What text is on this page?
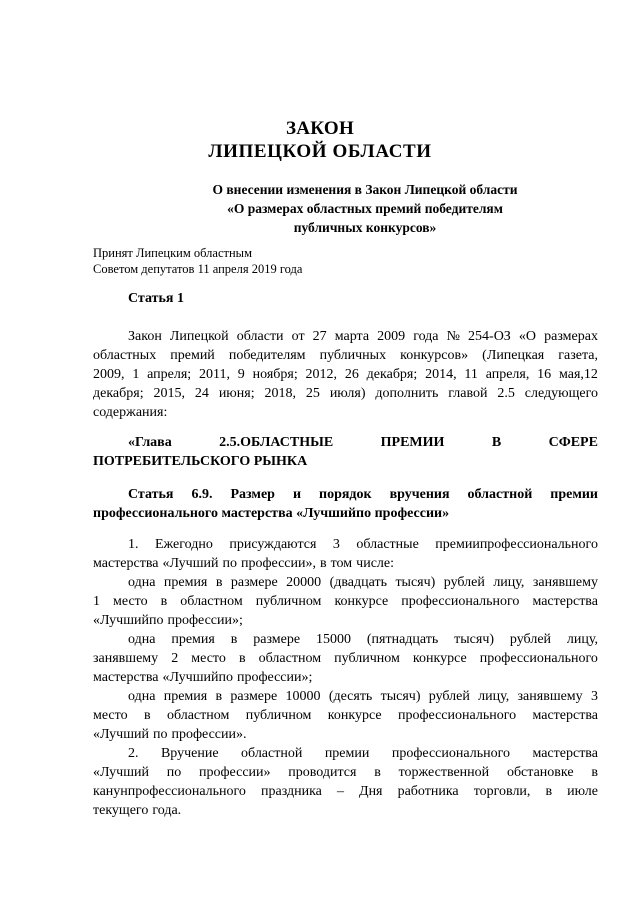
ЗАКОН
ЛИПЕЦКОЙ ОБЛАСТИ
О внесении изменения в Закон Липецкой области
«О размерах областных премий победителям
публичных конкурсов»
Принят Липецким областным
Советом депутатов 11 апреля 2019 года
Статья 1
Закон Липецкой области от 27 марта 2009 года № 254-ОЗ «О размерах
областных премий победителям публичных конкурсов» (Липецкая газета,
2009, 1 апреля; 2011, 9 ноября; 2012, 26 декабря; 2014, 11 апреля, 16 мая,12
декабря; 2015, 24 июня; 2018, 25 июля) дополнить главой 2.5 следующего
содержания:
«Глава	2.5.ОБЛАСТНЫЕ	ПРЕМИИ	В	СФЕРЕ
ПОТРЕБИТЕЛЬСКОГО РЫНКА
Статья 6.9. Размер и порядок вручения областной премии
профессионального мастерства «Лучшийпо профессии»
1. Ежегодно присуждаются 3 областные премиипрофессионального
мастерства «Лучший по профессии», в том числе:
одна премия в размере 20000 (двадцать тысяч) рублей лицу, занявшему
1 место в областном публичном конкурсе профессионального мастерства
«Лучшийпо профессии»;
одна премия в размере 15000 (пятнадцать тысяч) рублей лицу,
занявшему 2 место в областном публичном конкурсе профессионального
мастерства «Лучшийпо профессии»;
одна премия в размере 10000 (десять тысяч) рублей лицу, занявшему 3
место в областном публичном конкурсе профессионального мастерства
«Лучший по профессии».
2. Вручение областной премии профессионального мастерства
«Лучший по профессии» проводится в торжественной обстановке в
канунпрофессионального праздника – Дня работника торговли, в июле
текущего года.
